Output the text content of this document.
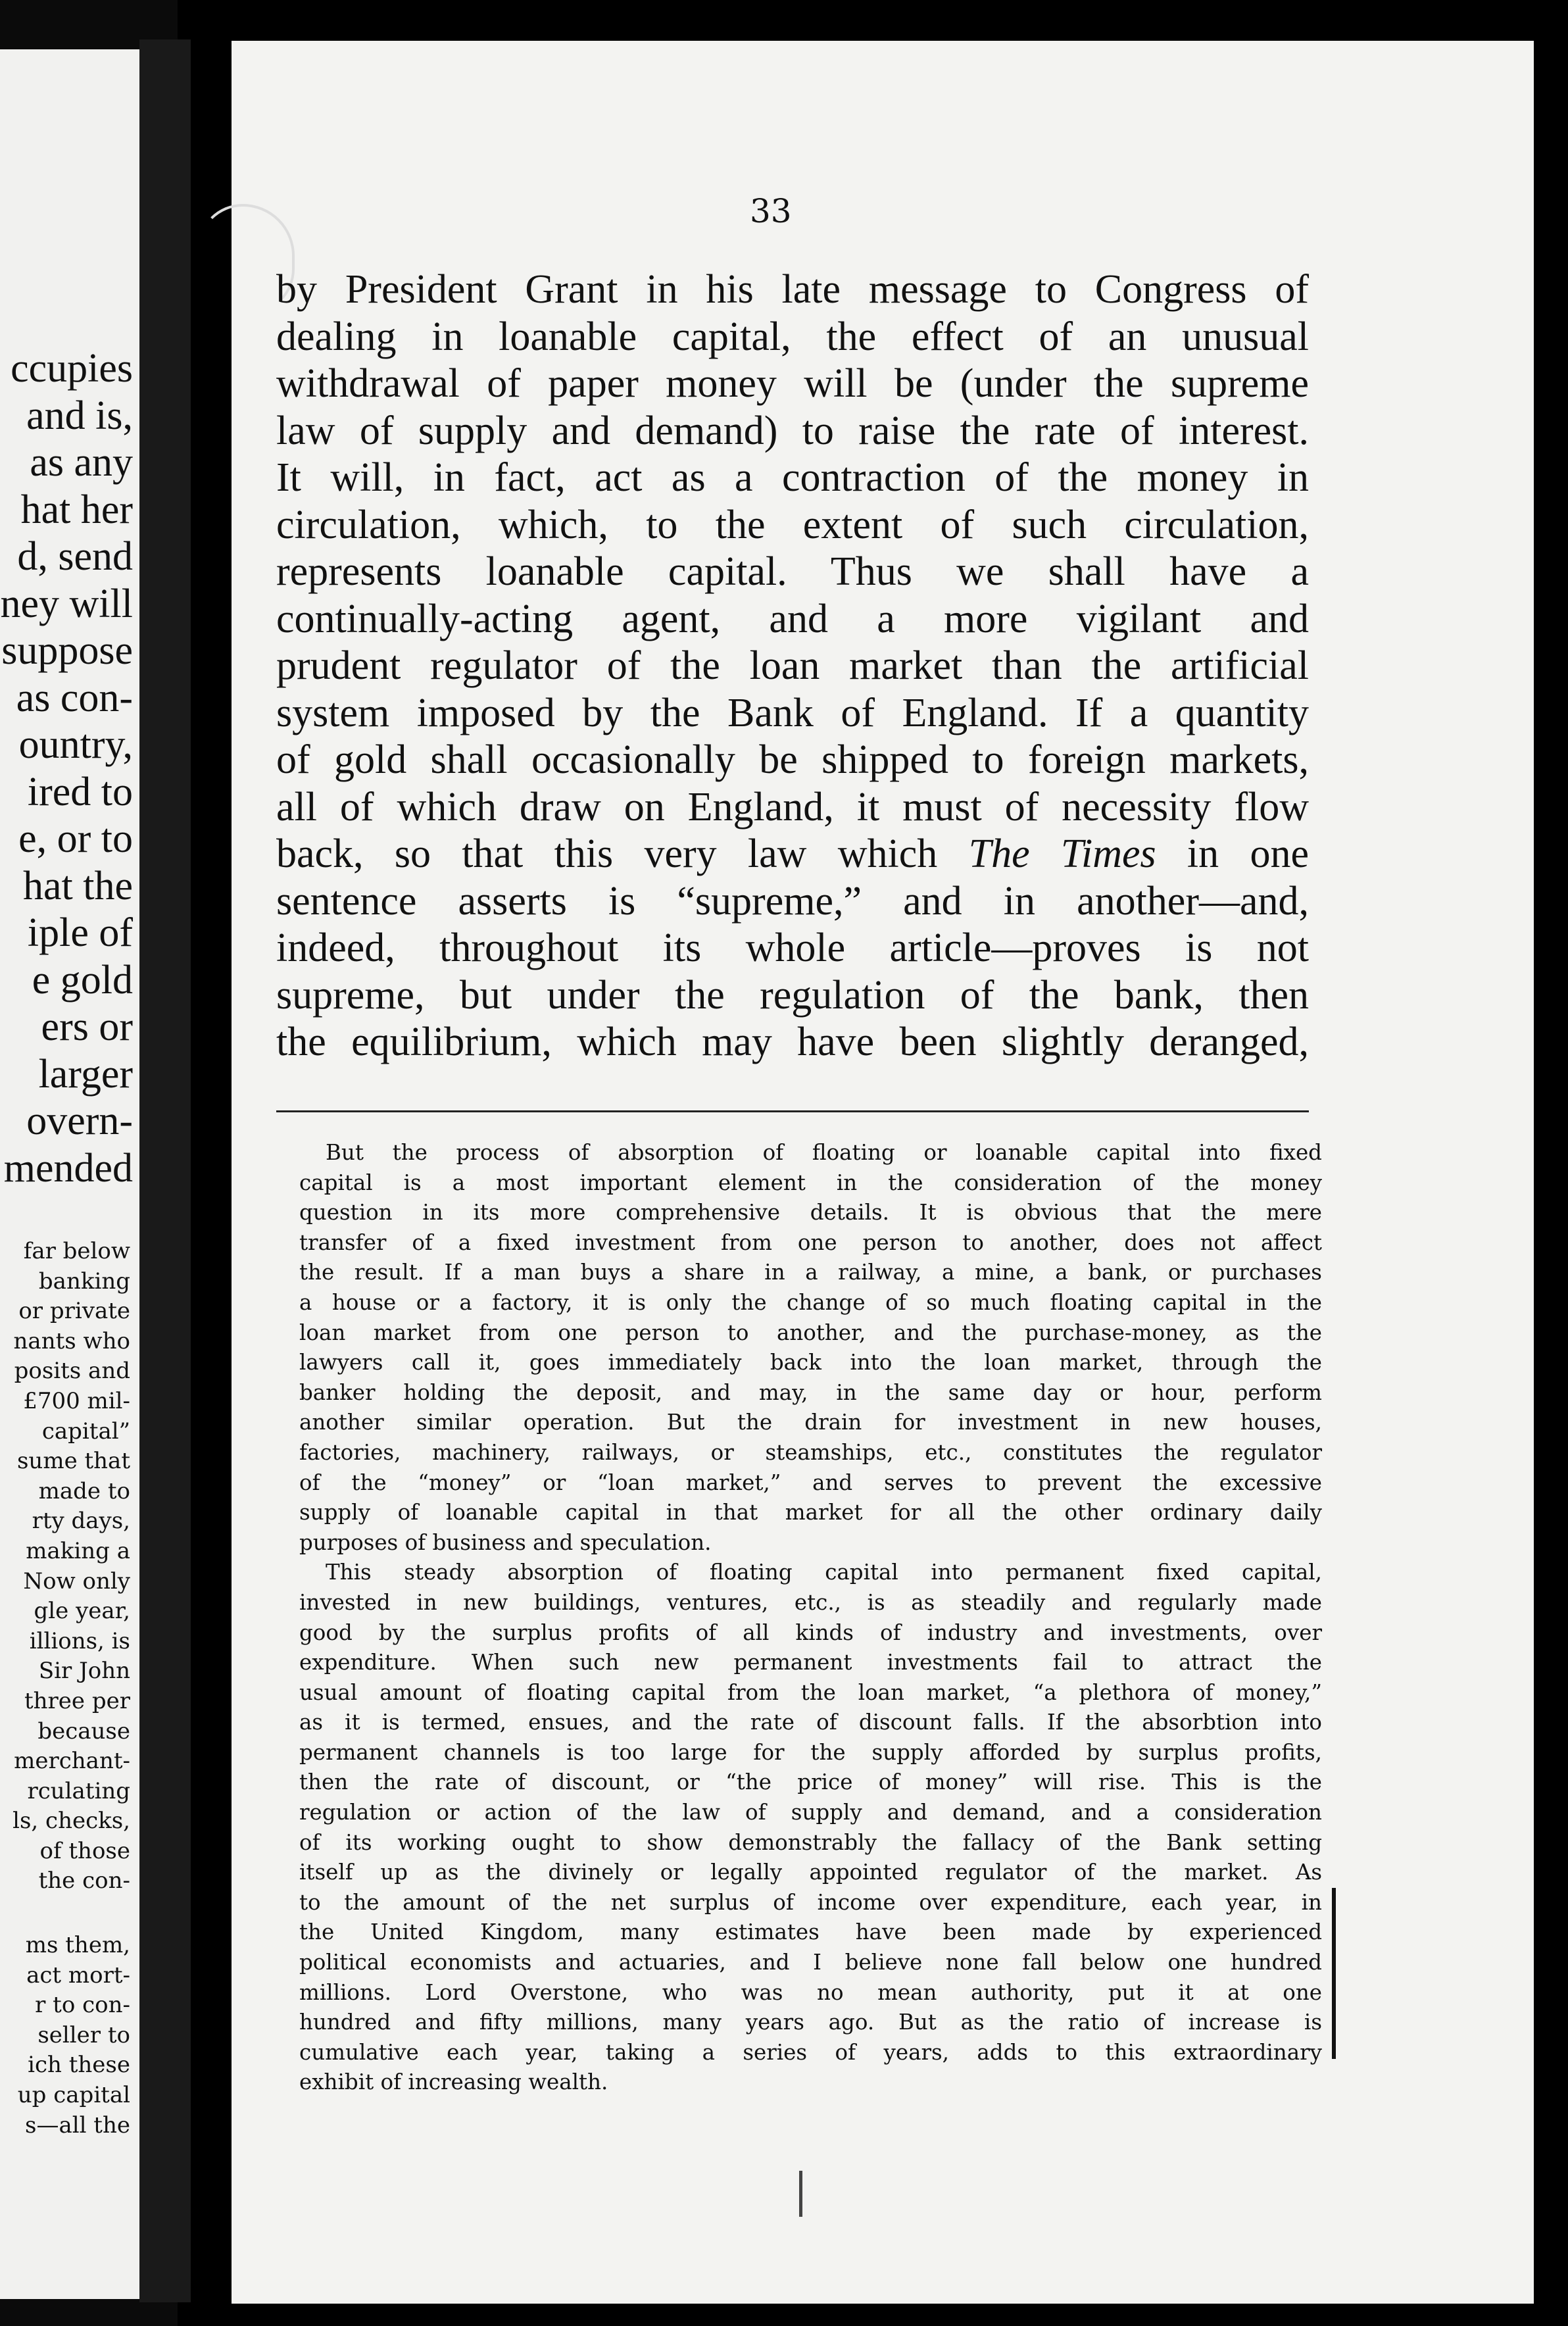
ccupies
and is,
as any
hat her
d, send
ney will
suppose
as con-
ountry,
ired to
e, or to
hat the
iple of
e gold
ers or
larger
overn-
mended
far below
banking
or private
nants who
posits and
£700 mil-
capital”
sume that
made to
rty days,
making a
Now only
gle year,
illions, is
Sir John
three per
because
merchant-
rculating
ls, checks,
of those
the con-
ms them,
act mort-
r to con-
seller to
ich these
up capital
s—all the
33
by President Grant in his late message to Congress of
dealing in loanable capital, the effect of an unusual
withdrawal of paper money will be (under the supreme
law of supply and demand) to raise the rate of interest.
It will, in fact, act as a contraction of the money in
circulation, which, to the extent of such circulation,
represents loanable capital. Thus we shall have a
continually-acting agent, and a more vigilant and
prudent regulator of the loan market than the artificial
system imposed by the Bank of England. If a quantity
of gold shall occasionally be shipped to foreign markets,
all of which draw on England, it must of necessity flow
back, so that this very law which The Times in one
sentence asserts is “supreme,” and in another—and,
indeed, throughout its whole article—proves is not
supreme, but under the regulation of the bank, then
the equilibrium, which may have been slightly deranged,
But the process of absorption of floating or loanable capital into fixed
capital is a most important element in the consideration of the money
question in its more comprehensive details. It is obvious that the mere
transfer of a fixed investment from one person to another, does not affect
the result. If a man buys a share in a railway, a mine, a bank, or purchases
a house or a factory, it is only the change of so much floating capital in the
loan market from one person to another, and the purchase-money, as the
lawyers call it, goes immediately back into the loan market, through the
banker holding the deposit, and may, in the same day or hour, perform
another similar operation. But the drain for investment in new houses,
factories, machinery, railways, or steamships, etc., constitutes the regulator
of the “money” or “loan market,” and serves to prevent the excessive
supply of loanable capital in that market for all the other ordinary daily
purposes of business and speculation.
This steady absorption of floating capital into permanent fixed capital,
invested in new buildings, ventures, etc., is as steadily and regularly made
good by the surplus profits of all kinds of industry and investments, over
expenditure. When such new permanent investments fail to attract the
usual amount of floating capital from the loan market, “a plethora of money,”
as it is termed, ensues, and the rate of discount falls. If the absorbtion into
permanent channels is too large for the supply afforded by surplus profits,
then the rate of discount, or “the price of money” will rise. This is the
regulation or action of the law of supply and demand, and a consideration
of its working ought to show demonstrably the fallacy of the Bank setting
itself up as the divinely or legally appointed regulator of the market. As
to the amount of the net surplus of income over expenditure, each year, in
the United Kingdom, many estimates have been made by experienced
political economists and actuaries, and I believe none fall below one hundred
millions. Lord Overstone, who was no mean authority, put it at one
hundred and fifty millions, many years ago. But as the ratio of increase is
cumulative each year, taking a series of years, adds to this extraordinary
exhibit of increasing wealth.
